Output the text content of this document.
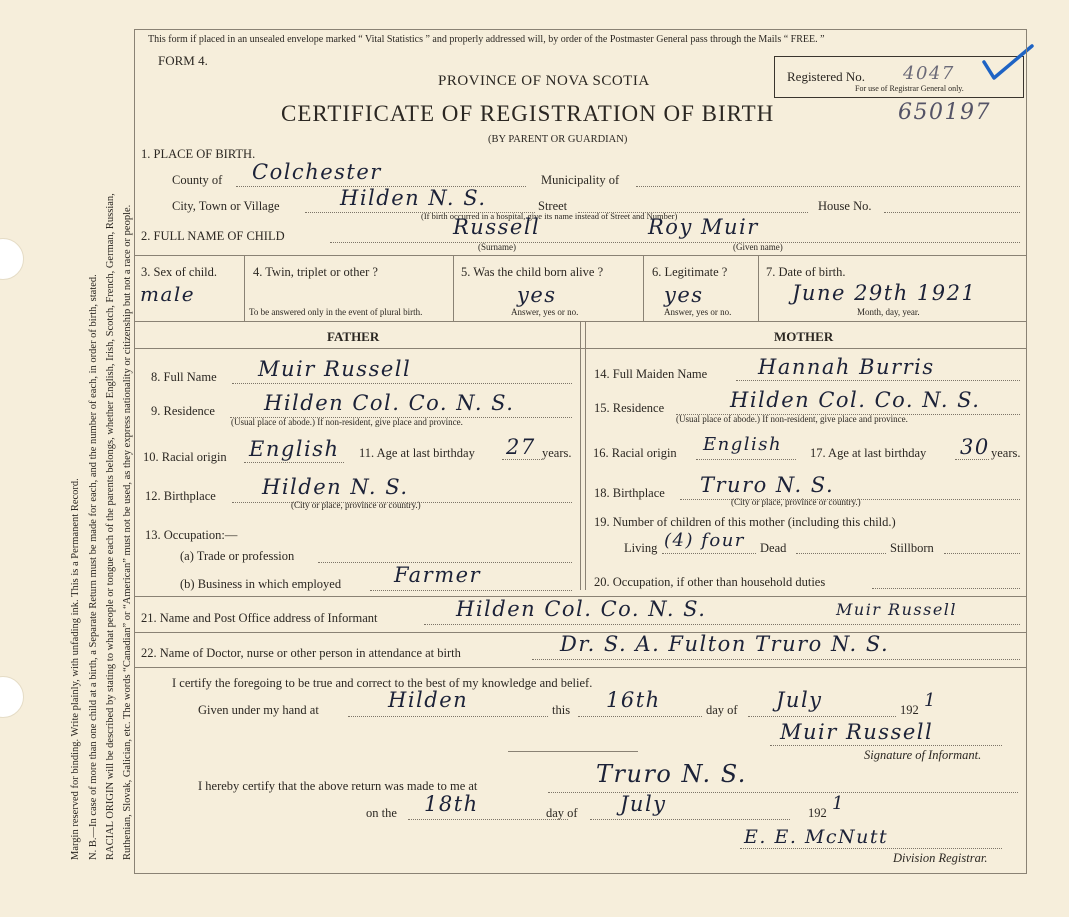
Margin reserved for binding. Write plainly, with unfading ink. This is a Permanent Record. N. B.—In case of more than one child at a birth, a Separate Return must be made for each, and the number of each, in order of birth, stated. RACIAL ORIGIN will be described by stating to what people or tongue each of the parents belongs, whether English, Irish, Scotch, French, German, Russian, Ruthenian, Slovak, Galician, etc. The words “Canadian” or “American” must not be used, as they express nationality or citizenship but not a race or people.
This form if placed in an unsealed envelope marked “ Vital Statistics ” and properly addressed will, by order of the Postmaster General pass through the Mails “ FREE. ”
FORM 4.
Registered No. 4047
For use of Registrar General only.
PROVINCE OF NOVA SCOTIA
CERTIFICATE OF REGISTRATION OF BIRTH	650197
(BY PARENT OR GUARDIAN)
1. PLACE OF BIRTH.
County of Colchester	Municipality of
City, Town or Village	Hilden N. S.	Street	House No.
(If birth occurred in a hospital, give its name instead of Street and Number)
2. FULL NAME OF CHILD	Russell	Roy Muir
(Surname)	(Given name)
3. Sex of child.
male
4. Twin, triplet or other ?
To be answered only in the event of plural birth.
5. Was the child born alive ?
yes
Answer, yes or no.
6. Legitimate ?
yes
Answer, yes or no.
7. Date of birth.
June 29th 1921
Month, day, year.
FATHER	MOTHER
8. Full Name Muir Russell
9. Residence Hilden Col. Co. N. S.
(Usual place of abode.) If non-resident, give place and province.
10. Racial origin English 11. Age at last birthday 27 years.
12. Birthplace Hilden N. S.
(City or place, province or country.)
13. Occupation:—
(a) Trade or profession
(b) Business in which employed	Farmer
14. Full Maiden Name Hannah Burris
15. Residence	Hilden Col. Co. N. S.
(Usual place of abode.) If non-resident, give place and province.
16. Racial origin English 17. Age at last birthday 30 years.
18. Birthplace Truro N. S.
(City or place, province or country.)
19. Number of children of this mother (including this child.)
Living (4) four Dead	Stillborn
20. Occupation, if other than household duties
21. Name and Post Office address of Informant	Hilden Col. Co. N. S.	Muir Russell
22. Name of Doctor, nurse or other person in attendance at birth	Dr. S. A. Fulton Truro N. S.
I certify the foregoing to be true and correct to the best of my knowledge and belief.
Given under my hand at	Hilden	this 16th	day of July	192 1
Muir Russell
Signature of Informant.
I hereby certify that the above return was made to me at	Truro N. S.
on the 18th	day of July	192 1
E. E. McNutt
Division Registrar.
